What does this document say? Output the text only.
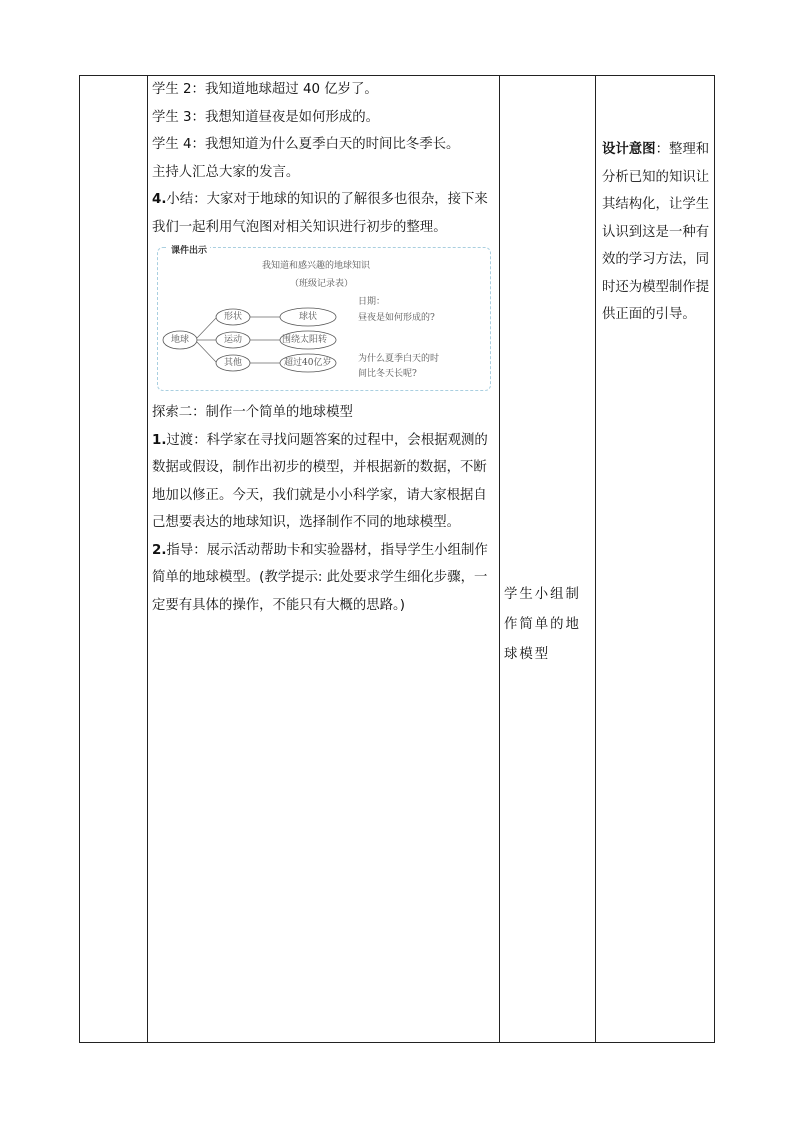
学生 2：我知道地球超过 40 亿岁了。

学生 3：我想知道昼夜是如何形成的。

学生 4：我想知道为什么夏季白天的时间比冬季长。

主持人汇总大家的发言。

4.小结：大家对于地球的知识的了解很多也很杂，接下来我们一起利用气泡图对相关知识进行初步的整理。

课件出示
我知道和感兴趣的地球知识
（班级记录表）
地球
形状
运动
其他
球状
围绕太阳转
超过40亿岁
日期：
昼夜是如何形成的?
为什么夏季白天的时
间比冬天长呢?

探索二：制作一个简单的地球模型

1.过渡：科学家在寻找问题答案的过程中，会根据观测的数据或假设，制作出初步的模型，并根据新的数据，不断地加以修正。今天，我们就是小小科学家，请大家根据自己想要表达的地球知识，选择制作不同的地球模型。

2.指导：展示活动帮助卡和实验器材，指导学生小组制作简单的地球模型。(教学提示: 此处要求学生细化步骤，一定要有具体的操作，不能只有大概的思路。)

学生小组制作简单的地球模型
设计意图：整理和分析已知的知识让其结构化，让学生认识到这是一种有效的学习方法，同时还为模型制作提供正面的引导。
